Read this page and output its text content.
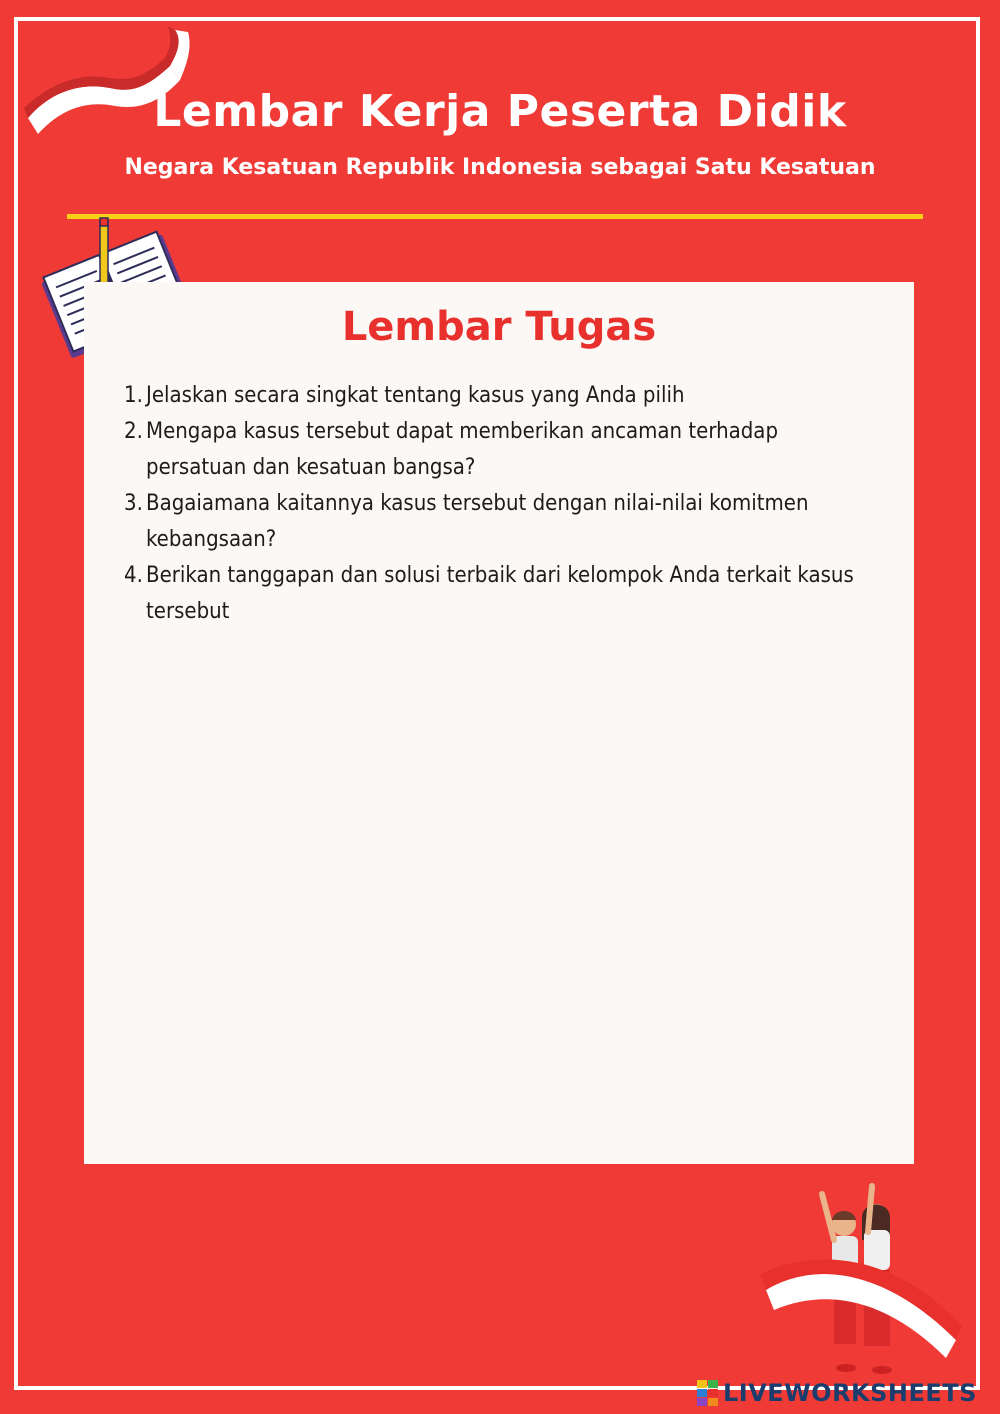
Lembar Kerja Peserta Didik
Negara Kesatuan Republik Indonesia sebagai Satu Kesatuan
Lembar Tugas
1. Jelaskan secara singkat tentang kasus yang Anda pilih
2. Mengapa kasus tersebut dapat memberikan ancaman terhadap persatuan dan kesatuan bangsa?
3. Bagaiamana kaitannya kasus tersebut dengan nilai-nilai komitmen kebangsaan?
4. Berikan tanggapan dan solusi terbaik dari kelompok Anda terkait kasus tersebut
LIVEWORKSHEETS
